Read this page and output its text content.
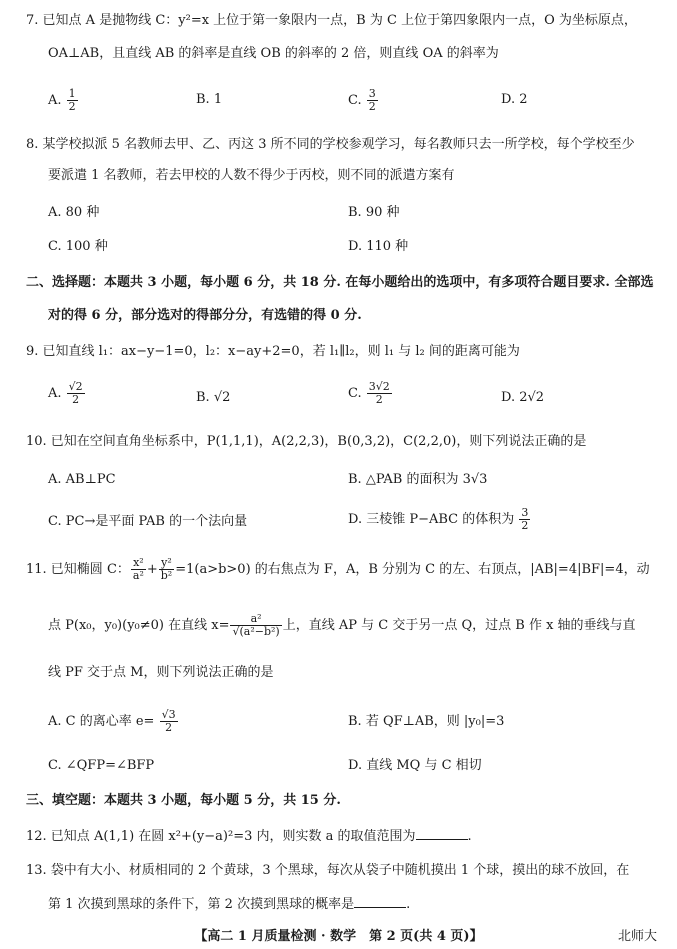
7. 已知点 A 是抛物线 C：y²=x 上位于第一象限内一点，B 为 C 上位于第四象限内一点，O 为坐标原点，
OA⊥AB，且直线 AB 的斜率是直线 OB 的斜率的 2 倍，则直线 OA 的斜率为
A. $\frac{1}{2}$	B. 1	C. $\frac{3}{2}$	D. 2
8. 某学校拟派 5 名教师去甲、乙、丙这 3 所不同的学校参观学习，每名教师只去一所学校，每个学校至少
要派遣 1 名教师，若去甲校的人数不得少于丙校，则不同的派遣方案有
A. 80 种	B. 90 种
C. 100 种	D. 110 种
二、选择题：本题共 3 小题，每小题 6 分，共 18 分. 在每小题给出的选项中，有多项符合题目要求. 全部选
对的得 6 分，部分选对的得部分分，有选错的得 0 分.
9. 已知直线 l₁：ax−y−1=0，l₂：x−ay+2=0，若 l₁∥l₂，则 l₁ 与 l₂ 间的距离可能为
A. $\frac{√2}{2}$	B. √2	C. $\frac{3√2}{2}$	D. 2√2
10. 已知在空间直角坐标系中，P(1,1,1)，A(2,2,3)，B(0,3,2)，C(2,2,0)，则下列说法正确的是
A. AB⊥PC	B. △PAB 的面积为 3√3
C. PC→是平面 PAB 的一个法向量	D. 三棱锥 P−ABC 的体积为 $\frac{3}{2}$
11. 已知椭圆 C： $\frac{\text{x²}}{\text{a²}} + \frac{\text{y²}}{\text{b²}} =1(a>b>0)$ 的右焦点为 F，A，B 分别为 C 的左、右顶点，|AB|=4|BF|=4，动
点 P(x₀，y₀)(y₀≠0) 在直线 $x= \frac{\text{a²}}{\text{√(a²−b²)}}$ 上，直线 AP 与 C 交于另一点 Q，过点 B 作 x 轴的垂线与直
线 PF 交于点 M，则下列说法正确的是
A. C 的离心率 $e= \frac{√3}{2}$	B. 若 QF⊥AB，则 |y₀|=3
C. ∠QFP=∠BFP	D. 直线 MQ 与 C 相切
三、填空题：本题共 3 小题，每小题 5 分，共 15 分.
12. 已知点 A(1,1) 在圆 x²+(y−a)²=3 内，则实数 a 的取值范围为	.
13. 袋中有大小、材质相同的 2 个黄球，3 个黑球，每次从袋子中随机摸出 1 个球，摸出的球不放回，在
第 1 次摸到黑球的条件下，第 2 次摸到黑球的概率是	.
【高二 1 月质量检测 · 数学　第 2 页(共 4 页)】	北师大
